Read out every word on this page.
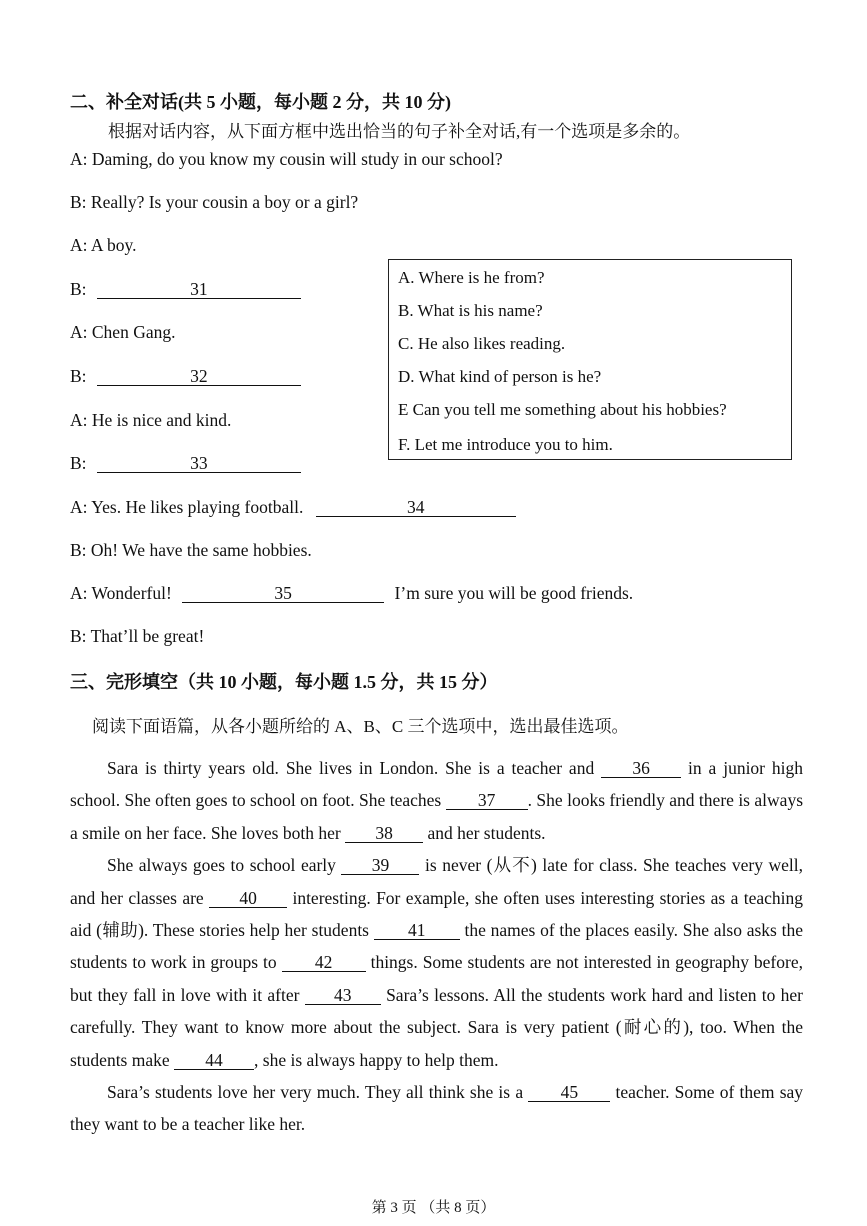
二、补全对话(共 5 小题，每小题 2 分，共 10 分)
根据对话内容，从下面方框中选出恰当的句子补全对话,有一个选项是多余的。
A: Daming, do you know my cousin will study in our school?
B: Really? Is your cousin a boy or a girl?
A: A boy.
B:	31
A: Chen Gang.
B:	32
A: He is nice and kind.
B:	33
A: Yes. He likes playing football.	34
B: Oh! We have the same hobbies.
A: Wonderful!	35	I’m sure you will be good friends.
B: That’ll be great!
A. Where is he from?
B. What is his name?
C. He also likes reading.
D. What kind of person is he?
E Can you tell me something about his hobbies?
F. Let me introduce you to him.
三、完形填空（共 10 小题，每小题 1.5 分，共 15 分）
阅读下面语篇，从各小题所给的 A、B、C 三个选项中，选出最佳选项。

Sara is thirty years old. She lives in London. She is a teacher and 36 in a junior high school. She often goes to school on foot. She teaches 37 . She looks friendly and there is always a smile on her face. She loves both her 38 and her students.

She always goes to school early 39 is never (从不) late for class. She teaches very well, and her classes are 40 interesting. For example, she often uses interesting stories as a teaching aid (辅助). These stories help her students 41 the names of the places easily. She also asks the students to work in groups to 42 things. Some students are not interested in geography before, but they fall in love with it after 43 Sara’s lessons. All the students work hard and listen to her carefully. They want to know more about the subject. Sara is very patient (耐心的), too. When the students make 44 , she is always happy to help them.

Sara’s students love her very much. They all think she is a 45 teacher. Some of them say they want to be a teacher like her.

第 3 页 （共 8 页）
